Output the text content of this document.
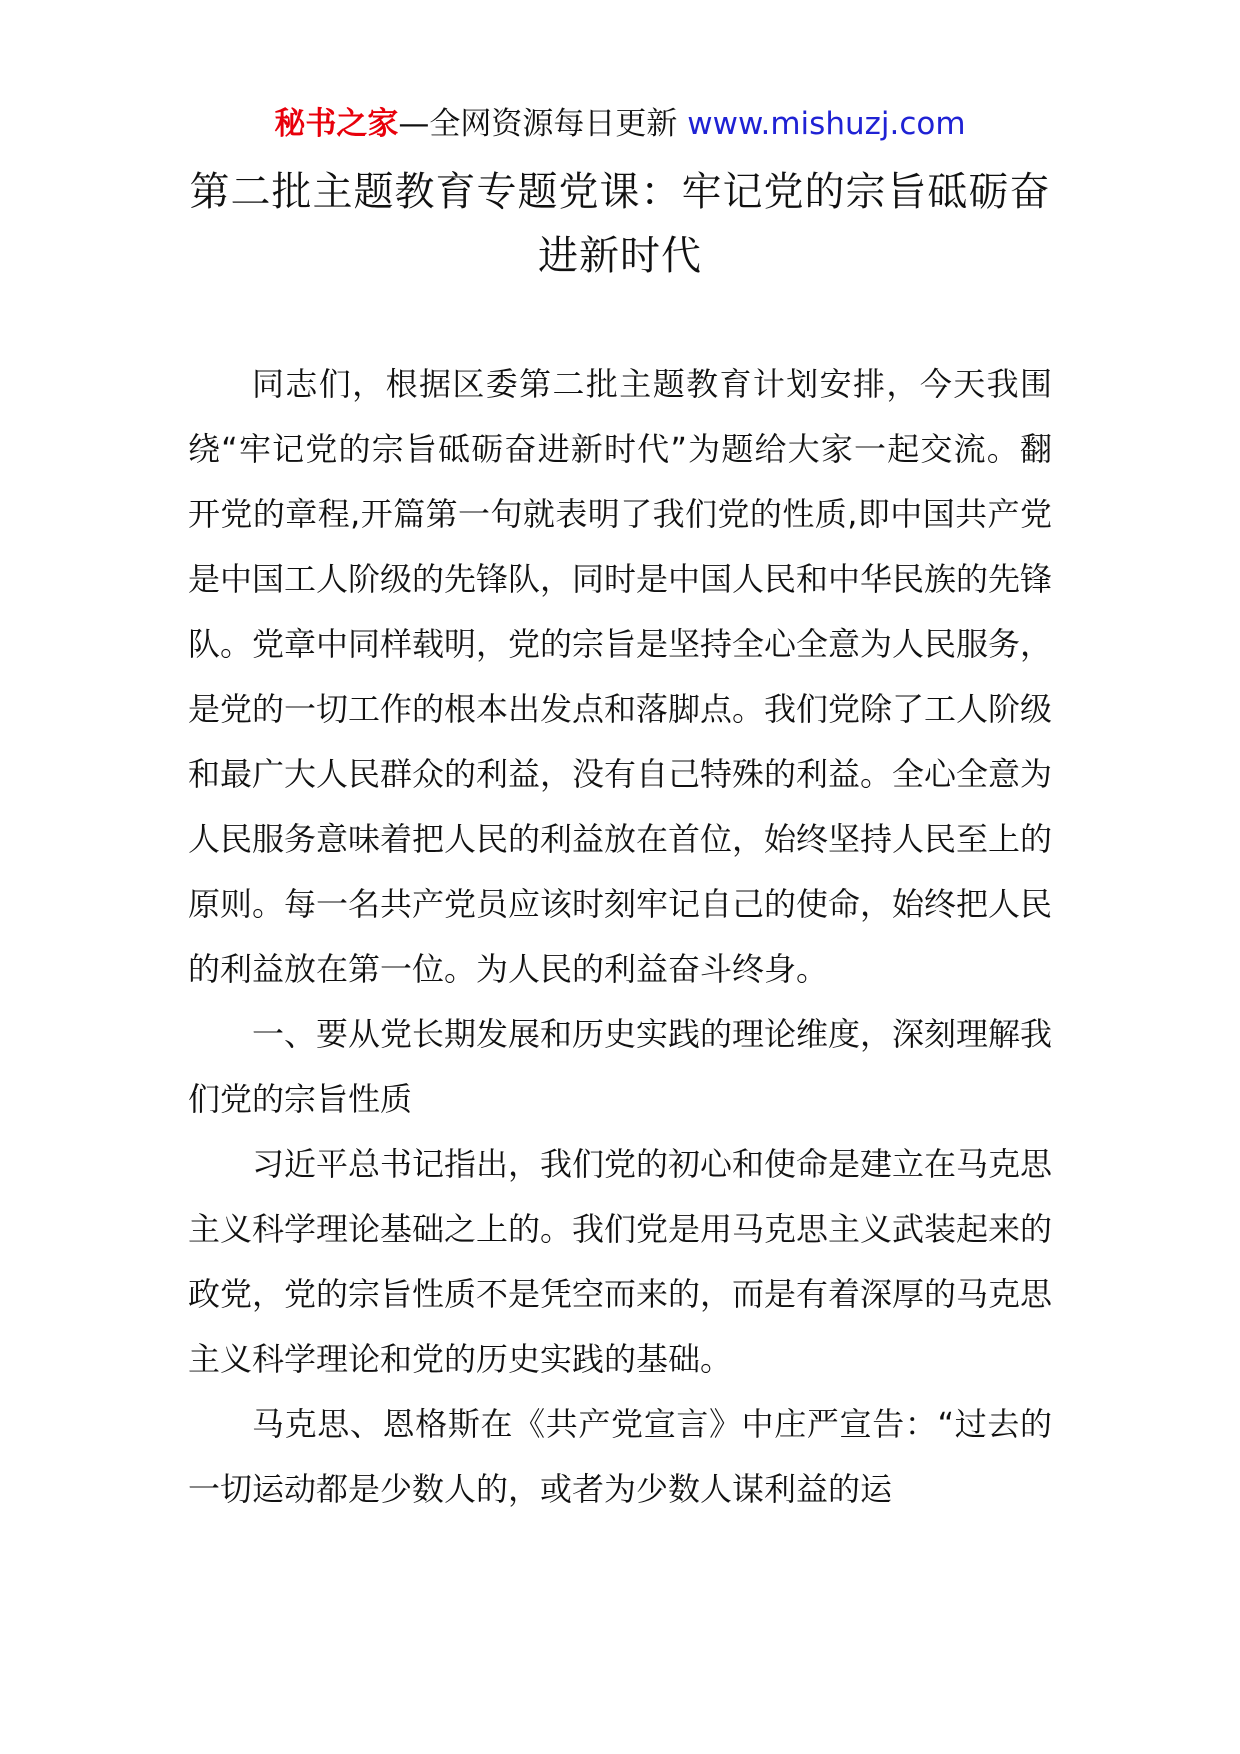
秘书之家—全网资源每日更新 www.mishuzj.com
第二批主题教育专题党课：牢记党的宗旨砥砺奋进新时代

同志们，根据区委第二批主题教育计划安排，今天我围绕“牢记党的宗旨砥砺奋进新时代”为题给大家一起交流。翻开党的章程,开篇第一句就表明了我们党的性质,即中国共产党是中国工人阶级的先锋队，同时是中国人民和中华民族的先锋队。党章中同样载明，党的宗旨是坚持全心全意为人民服务，是党的一切工作的根本出发点和落脚点。我们党除了工人阶级和最广大人民群众的利益，没有自己特殊的利益。全心全意为人民服务意味着把人民的利益放在首位，始终坚持人民至上的原则。每一名共产党员应该时刻牢记自己的使命，始终把人民的利益放在第一位。为人民的利益奋斗终身。

一、要从党长期发展和历史实践的理论维度，深刻理解我们党的宗旨性质

习近平总书记指出，我们党的初心和使命是建立在马克思主义科学理论基础之上的。我们党是用马克思主义武装起来的政党，党的宗旨性质不是凭空而来的，而是有着深厚的马克思主义科学理论和党的历史实践的基础。

马克思、恩格斯在《共产党宣言》中庄严宣告：“过去的一切运动都是少数人的，或者为少数人谋利益的运
